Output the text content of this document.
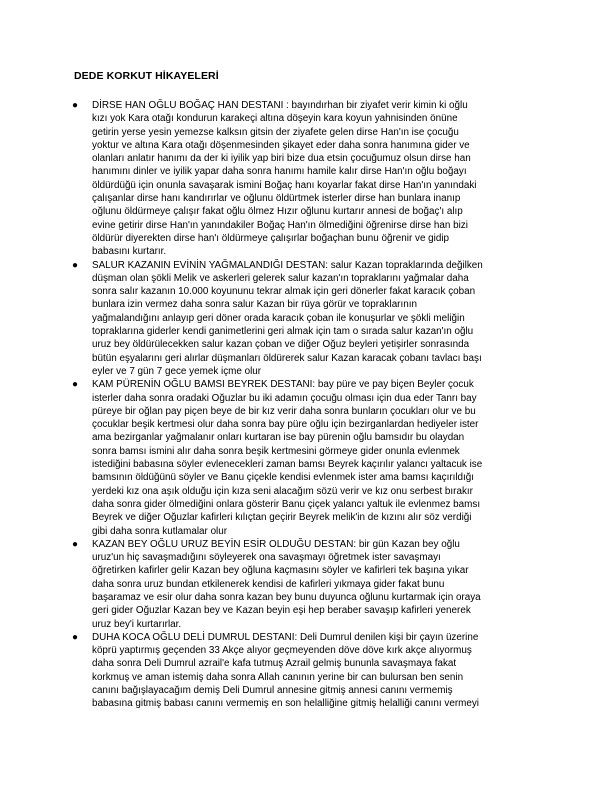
DEDE KORKUT HİKAYELERİ
● DİRSE HAN OĞLU BOĞAÇ HAN DESTANI : bayındırhan bir ziyafet verir kimin ki oğlu
kızı yok Kara otağı kondurun karakeçi altına döşeyin kara koyun yahnisinden önüne
getirin yerse yesin yemezse kalksın gitsin der ziyafete gelen dirse Han'ın ise çocuğu
yoktur ve altına Kara otağı döşenmesinden şikayet eder daha sonra hanımına gider ve
olanları anlatır hanımı da der ki iyilik yap biri bize dua etsin çocuğumuz olsun dirse han
hanımını dinler ve iyilik yapar daha sonra hanımı hamile kalır dirse Han'ın oğlu boğayı
öldürdüğü için onunla savaşarak ismini Boğaç hanı koyarlar fakat dirse Han'ın yanındaki
çalışanlar dirse hanı kandırırlar ve oğlunu öldürtmek isterler dirse han bunlara inanıp
oğlunu öldürmeye çalışır fakat oğlu ölmez Hızır oğlunu kurtarır annesi de boğaç'ı alıp
evine getirir dirse Han'ın yanındakiler Boğaç Han'ın ölmediğini öğrenirse dirse han bizi
öldürür diyerekten dirse han'ı öldürmeye çalışırlar boğaçhan bunu öğrenir ve gidip
babasını kurtarır.
● SALUR KAZANIN EVİNİN YAĞMALANDIĞI DESTAN: salur Kazan topraklarında değilken
düşman olan şökli Melik ve askerleri gelerek salur kazan'ın topraklarını yağmalar daha
sonra salır kazanın 10.000 koyununu tekrar almak için geri dönerler fakat karacık çoban
bunlara izin vermez daha sonra salur Kazan bir rüya görür ve topraklarının
yağmalandığını anlayıp geri döner orada karacık çoban ile konuşurlar ve şökli meliğin
topraklarına giderler kendi ganimetlerini geri almak için tam o sırada salur kazan'ın oğlu
uruz bey öldürülecekken salur kazan çoban ve diğer Oğuz beyleri yetişirler sonrasında
bütün eşyalarını geri alırlar düşmanları öldürerek salur Kazan karacak çobanı tavlacı başı
eyler ve 7 gün 7 gece yemek içme olur
● KAM PÜRENİN OĞLU BAMSI BEYREK DESTANI: bay püre ve pay biçen Beyler çocuk
isterler daha sonra oradaki Oğuzlar bu iki adamın çocuğu olması için dua eder Tanrı bay
püreye bir oğlan pay piçen beye de bir kız verir daha sonra bunların çocukları olur ve bu
çocuklar beşik kertmesi olur daha sonra bay püre oğlu için bezirganlardan hediyeler ister
ama bezirganlar yağmalanır onları kurtaran ise bay pürenin oğlu bamsıdır bu olaydan
sonra bamsı ismini alır daha sonra beşik kertmesini görmeye gider onunla evlenmek
istediğini babasına söyler evlenecekleri zaman bamsı Beyrek kaçırılır yalancı yaltacuk ise
bamsının öldüğünü söyler ve Banu çiçekle kendisi evlenmek ister ama bamsı kaçırıldığı
yerdeki kız ona aşık olduğu için kıza seni alacağım sözü verir ve kız onu serbest bırakır
daha sonra gider ölmediğini onlara gösterir Banu çiçek yalancı yaltuk ile evlenmez bamsı
Beyrek ve diğer Oğuzlar kafirleri kılıçtan geçirir Beyrek melik'in de kızını alır söz verdiği
gibi daha sonra kutlamalar olur
● KAZAN BEY OĞLU URUZ BEYİN ESİR OLDUĞU DESTAN: bir gün Kazan bey oğlu
uruz'un hiç savaşmadığını söyleyerek ona savaşmayı öğretmek ister savaşmayı
öğretirken kafirler gelir Kazan bey oğluna kaçmasını söyler ve kafirleri tek başına yıkar
daha sonra uruz bundan etkilenerek kendisi de kafirleri yıkmaya gider fakat bunu
başaramaz ve esir olur daha sonra kazan bey bunu duyunca oğlunu kurtarmak için oraya
geri gider Oğuzlar Kazan bey ve Kazan beyin eşi hep beraber savaşıp kafirleri yenerek
uruz bey'i kurtarırlar.
● DUHA KOCA OĞLU DELİ DUMRUL DESTANI: Deli Dumrul denilen kişi bir çayın üzerine
köprü yaptırmış geçenden 33 Akçe alıyor geçmeyenden döve döve kırk akçe alıyormuş
daha sonra Deli Dumrul azrail'e kafa tutmuş Azrail gelmiş bununla savaşmaya fakat
korkmuş ve aman istemiş daha sonra Allah canının yerine bir can bulursan ben senin
canını bağışlayacağım demiş Deli Dumrul annesine gitmiş annesi canını vermemiş
babasına gitmiş babası canını vermemiş en son helalliğine gitmiş helalliği canını vermeyi
